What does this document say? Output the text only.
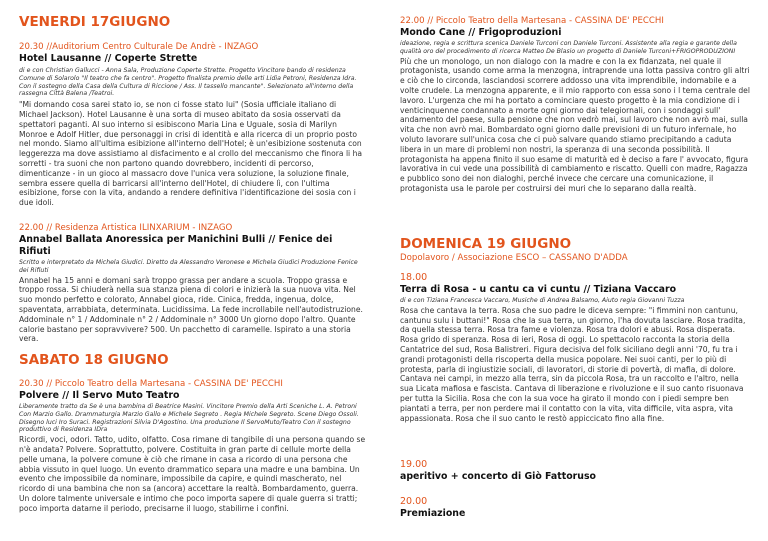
VENERDI 17GIUGNO

20.30 //Auditorium Centro Culturale De Andrè - INZAGO

Hotel Lausanne // Coperte Strette

di e con Christian Gallucci - Anna Sala, Produzione Coperte Strette. Progetto Vincitore bando di residenza Comune di Solarolo "Il teatro che fa centro". Progetto finalista premio delle arti Lidia Petroni, Residenza Idra. Con il sostegno della Casa della Cultura di Riccione / Ass. Il tassello mancante". Selezionato all'interno della rassegna Città Balena /Teatroi.

"Mi domando cosa sarei stato io, se non ci fosse stato lui" (Sosia ufficiale italiano di Michael Jackson). Hotel Lausanne è una sorta di museo abitato da sosia osservati da spettatori paganti. Al suo interno si esibiscono Maria Lina e Uguale, sosia di Marilyn Monroe e Adolf Hitler, due personaggi in crisi di identità e alla ricerca di un proprio posto nel mondo. Siamo all'ultima esibizione all'interno dell'Hotel; è un'esibizione sostenuta con leggerezza ma dove assistiamo al disfacimento e al crollo del meccanismo che finora li ha sorretti - tra suoni che non partono quando dovrebbero, incidenti di percorso, dimenticanze - in un gioco al massacro dove l'unica vera soluzione, la soluzione finale, sembra essere quella di barricarsi all'interno dell'Hotel, di chiudere lì, con l'ultima esibizione, forse con la vita, andando a rendere definitiva l'identificazione dei sosia con i due idoli.

22.00 // Residenza Artistica ILINXARIUM - INZAGO

Annabel Ballata Anoressica per Manichini Bulli // Fenice dei Rifiuti

Scritto e interpretato da Michela Giudici. Diretto da Alessandro Veronese e Michela Giudici Produzione Fenice dei Rifiuti

Annabel ha 15 anni e domani sarà troppo grassa per andare a scuola. Troppo grassa e troppo rossa. Si chiuderà nella sua stanza piena di colori e inizierà la sua nuova vita. Nel suo mondo perfetto e colorato, Annabel gioca, ride. Cinica, fredda, ingenua, dolce, spaventata, arrabbiata, determinata. Lucidissima. La fede incrollabile nell'autodistruzione. Addominale n° 1 / Addominale n° 2 / Addominale n° 3000 Un giorno dopo l'altro. Quante calorie bastano per sopravvivere? 500. Un pacchetto di caramelle. Ispirato a una storia vera.

SABATO 18 GIUGNO

20.30 // Piccolo Teatro della Martesana - CASSINA DE' PECCHI

Polvere // Il Servo Muto Teatro

Liberamente tratto da Se è una bambina di Beatrice Masini. Vincitore Premio della Arti Sceniche L. A. Petroni Con Marzio Gallo. Drammaturgia Marzio Gallo e Michele Segreto . Regia Michele Segreto. Scene Diego Ossoli. Disegno luci Iro Suraci. Registrazioni Silvia D'Agostino. Una produzione Il ServoMuto/Teatro Con il sostegno produttivo di Residenza IDra

Ricordi, voci, odori. Tatto, udito, olfatto. Cosa rimane di tangibile di una persona quando se n'è andata? Polvere. Soprattutto, polvere. Costituita in gran parte di cellule morte della pelle umana, la polvere comune è ciò che rimane in casa a ricordo di una persona che abbia vissuto in quel luogo. Un evento drammatico separa una madre e una bambina. Un evento che impossibile da nominare, impossibile da capire, e quindi mascherato, nel ricordo di una bambina che non sa (ancora) accettare la realtà. Bombardamento, guerra. Un dolore talmente universale e intimo che poco importa sapere di quale guerra si tratti; poco importa datarne il periodo, precisarne il luogo, stabilirne i confini.

22.00 // Piccolo Teatro della Martesana - CASSINA DE' PECCHI

Mondo Cane // Frigoproduzioni

ideazione, regia e scrittura scenica Daniele Turconi con Daniele Turconi. Assistente alla regia e garante della qualità oro del procedimento di ricerca Matteo De Blasio un progetto di Daniele Turconi+FRIGOPRODUZIONI

Più che un monologo, un non dialogo con la madre e con la ex fidanzata, nel quale il protagonista, usando come arma la menzogna, intraprende una lotta passiva contro gli altri e ciò che lo circonda, lasciandosi scorrere addosso una vita imprendibile, indomabile e a volte crudele. La menzogna apparente, e il mio rapporto con essa sono i l tema centrale del lavoro. L'urgenza che mi ha portato a cominciare questo progetto è la mia condizione di i venticinquenne condannato a morte ogni giorno dai telegiornali, con i sondaggi sull' andamento del paese, sulla pensione che non vedrò mai, sul lavoro che non avrò mai, sulla vita che non avrò mai. Bombardato ogni giorno dalle previsioni di un futuro infernale, ho voluto lavorare sull'unica cosa che ci può salvare quando stiamo precipitando a caduta libera in un mare di problemi non nostri, la speranza di una seconda possibilità. Il protagonista ha appena finito il suo esame di maturità ed è deciso a fare l' avvocato, figura lavorativa in cui vede una possibilità di cambiamento e riscatto. Quelli con madre, Ragazza e pubblico sono dei non dialoghi, perché invece che cercare una comunicazione, il protagonista usa le parole per costruirsi dei muri che lo separano dalla realtà.

DOMENICA 19 GIUGNO

Dopolavoro / Associazione ESCO – CASSANO D'ADDA

18.00

Terra di Rosa - u cantu ca vi cuntu // Tiziana Vaccaro

di e con Tiziana Francesca Vaccaro, Musiche di Andrea Balsamo, Aiuto regia Giovanni Tuzza

Rosa che cantava la terra. Rosa che suo padre le diceva sempre: "i fimmini non cantunu, cantunu sulu i buttani!" Rosa che la sua terra, un giorno, l'ha dovuta lasciare. Rosa tradita, da quella stessa terra. Rosa tra fame e violenza. Rosa tra dolori e abusi. Rosa disperata. Rosa grido di speranza. Rosa di ieri, Rosa di oggi. Lo spettacolo racconta la storia della Cantatrice del sud, Rosa Balistreri. Figura decisiva del folk siciliano degli anni '70, fu tra i grandi protagonisti della riscoperta della musica popolare. Nei suoi canti, per lo più di protesta, parla di ingiustizie sociali, di lavoratori, di storie di povertà, di mafia, di dolore. Cantava nei campi, in mezzo alla terra, sin da piccola Rosa, tra un raccolto e l'altro, nella sua Licata mafiosa e fascista. Cantava di liberazione e rivoluzione e il suo canto risuonava per tutta la Sicilia. Rosa che con la sua voce ha girato il mondo con i piedi sempre ben piantati a terra, per non perdere mai il contatto con la vita, vita difficile, vita aspra, vita appassionata. Rosa che il suo canto le restò appiccicato fino alla fine.

19.00

aperitivo + concerto di Giò Fattoruso

20.00

Premiazione
